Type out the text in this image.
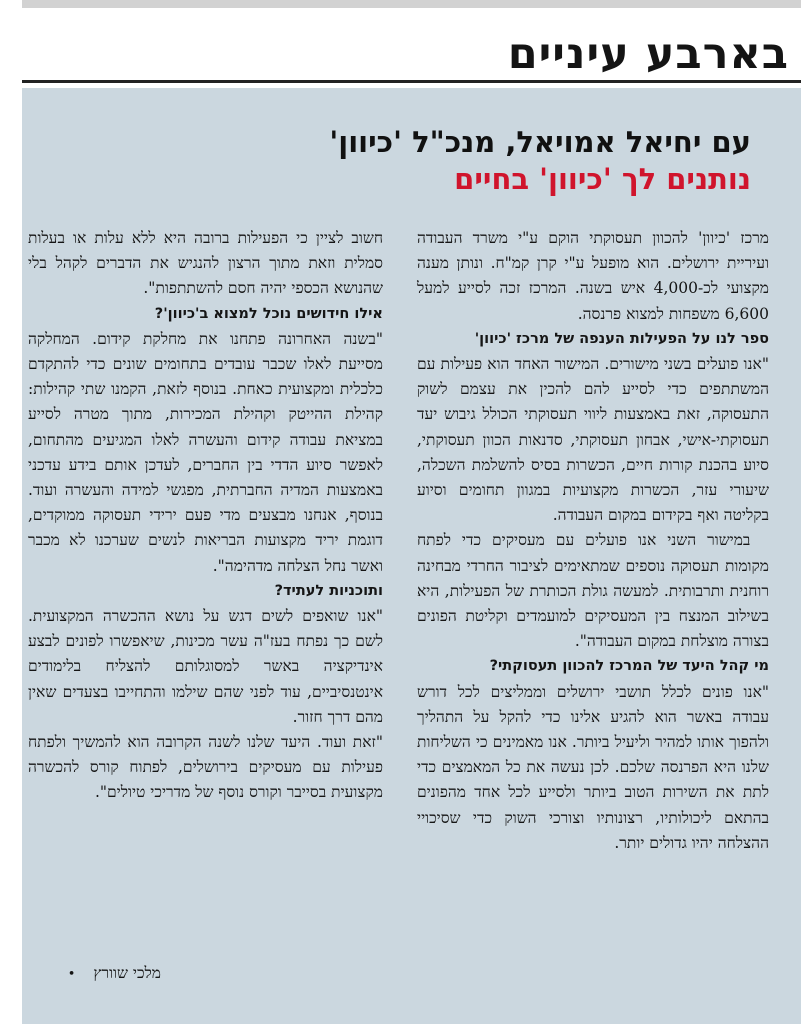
בארבע עיניים
עם יחיאל אמויאל, מנכ"ל 'כיוון'
נותנים לך 'כיוון' בחיים

מרכז 'כיוון' להכוון תעסוקתי הוקם ע"י משרד העבודה ועיריית ירושלים. הוא מופעל ע"י קרן קמ"ח. ונותן מענה מקצועי לכ-4,000 איש בשנה. המרכז זכה לסייע למעל 6,600 משפחות למצוא פרנסה.

ספר לנו על הפעילות הענפה של מרכז 'כיוון'

"אנו פועלים בשני מישורים. המישור האחד הוא פעילות עם המשתתפים כדי לסייע להם להכין את עצמם לשוק התעסוקה, זאת באמצעות ליווי תעסוקתי הכולל גיבוש יעד תעסוקתי-אישי, אבחון תעסוקתי, סדנאות הכוון תעסוקתי, סיוע בהכנת קורות חיים, הכשרות בסיס להשלמת השכלה, שיעורי עזר, הכשרות מקצועיות במגוון תחומים וסיוע בקליטה ואף בקידום במקום העבודה.

במישור השני אנו פועלים עם מעסיקים כדי לפתח מקומות תעסוקה נוספים שמתאימים לציבור החרדי מבחינה רוחנית ותרבותית. למעשה גולת הכותרת של הפעילות, היא בשילוב המנצח בין המעסיקים למועמדים וקליטת הפונים בצורה מוצלחת במקום העבודה".

מי קהל היעד של המרכז להכוון תעסוקתי?

"אנו פונים לכלל תושבי ירושלים וממליצים לכל דורש עבודה באשר הוא להגיע אלינו כדי להקל על התהליך ולהפוך אותו למהיר וליעיל ביותר. אנו מאמינים כי השליחות שלנו היא הפרנסה שלכם. לכן נעשה את כל המאמצים כדי לתת את השירות הטוב ביותר ולסייע לכל אחד מהפונים בהתאם ליכולותיו, רצונותיו וצורכי השוק כדי שסיכויי ההצלחה יהיו גדולים יותר.

חשוב לציין כי הפעילות ברובה היא ללא עלות או בעלות סמלית וזאת מתוך הרצון להנגיש את הדברים לקהל בלי שהנושא הכספי יהיה חסם להשתתפות".

אילו חידושים נוכל למצוא ב'כיוון'?

"בשנה האחרונה פתחנו את מחלקת קידום. המחלקה מסייעת לאלו שכבר עובדים בתחומים שונים כדי להתקדם כלכלית ומקצועית כאחת. בנוסף לזאת, הקמנו שתי קהילות: קהילת ההייטק וקהילת המכירות, מתוך מטרה לסייע במציאת עבודה קידום והעשרה לאלו המגיעים מהתחום, לאפשר סיוע הדדי בין החברים, לעדכן אותם בידע עדכני באמצעות המדיה החברתית, מפגשי למידה והעשרה ועוד. בנוסף, אנחנו מבצעים מדי פעם ירידי תעסוקה ממוקדים, דוגמת יריד מקצועות הבריאות לנשים שערכנו לא מכבר ואשר נחל הצלחה מדהימה".

ותוכניות לעתיד?

"אנו שואפים לשים דגש על נושא ההכשרה המקצועית. לשם כך נפתח בעז"ה עשר מכינות, שיאפשרו לפונים לבצע אינדיקציה באשר למסוגלותם להצליח בלימודים אינטנסיביים, עוד לפני שהם שילמו והתחייבו בצעדים שאין מהם דרך חזור.

"זאת ועוד. היעד שלנו לשנה הקרובה הוא להמשיך ולפתח פעילות עם מעסיקים בירושלים, לפתוח קורס להכשרה מקצועית בסייבר וקורס נוסף של מדריכי טיולים".

מלכי שוורץ•
